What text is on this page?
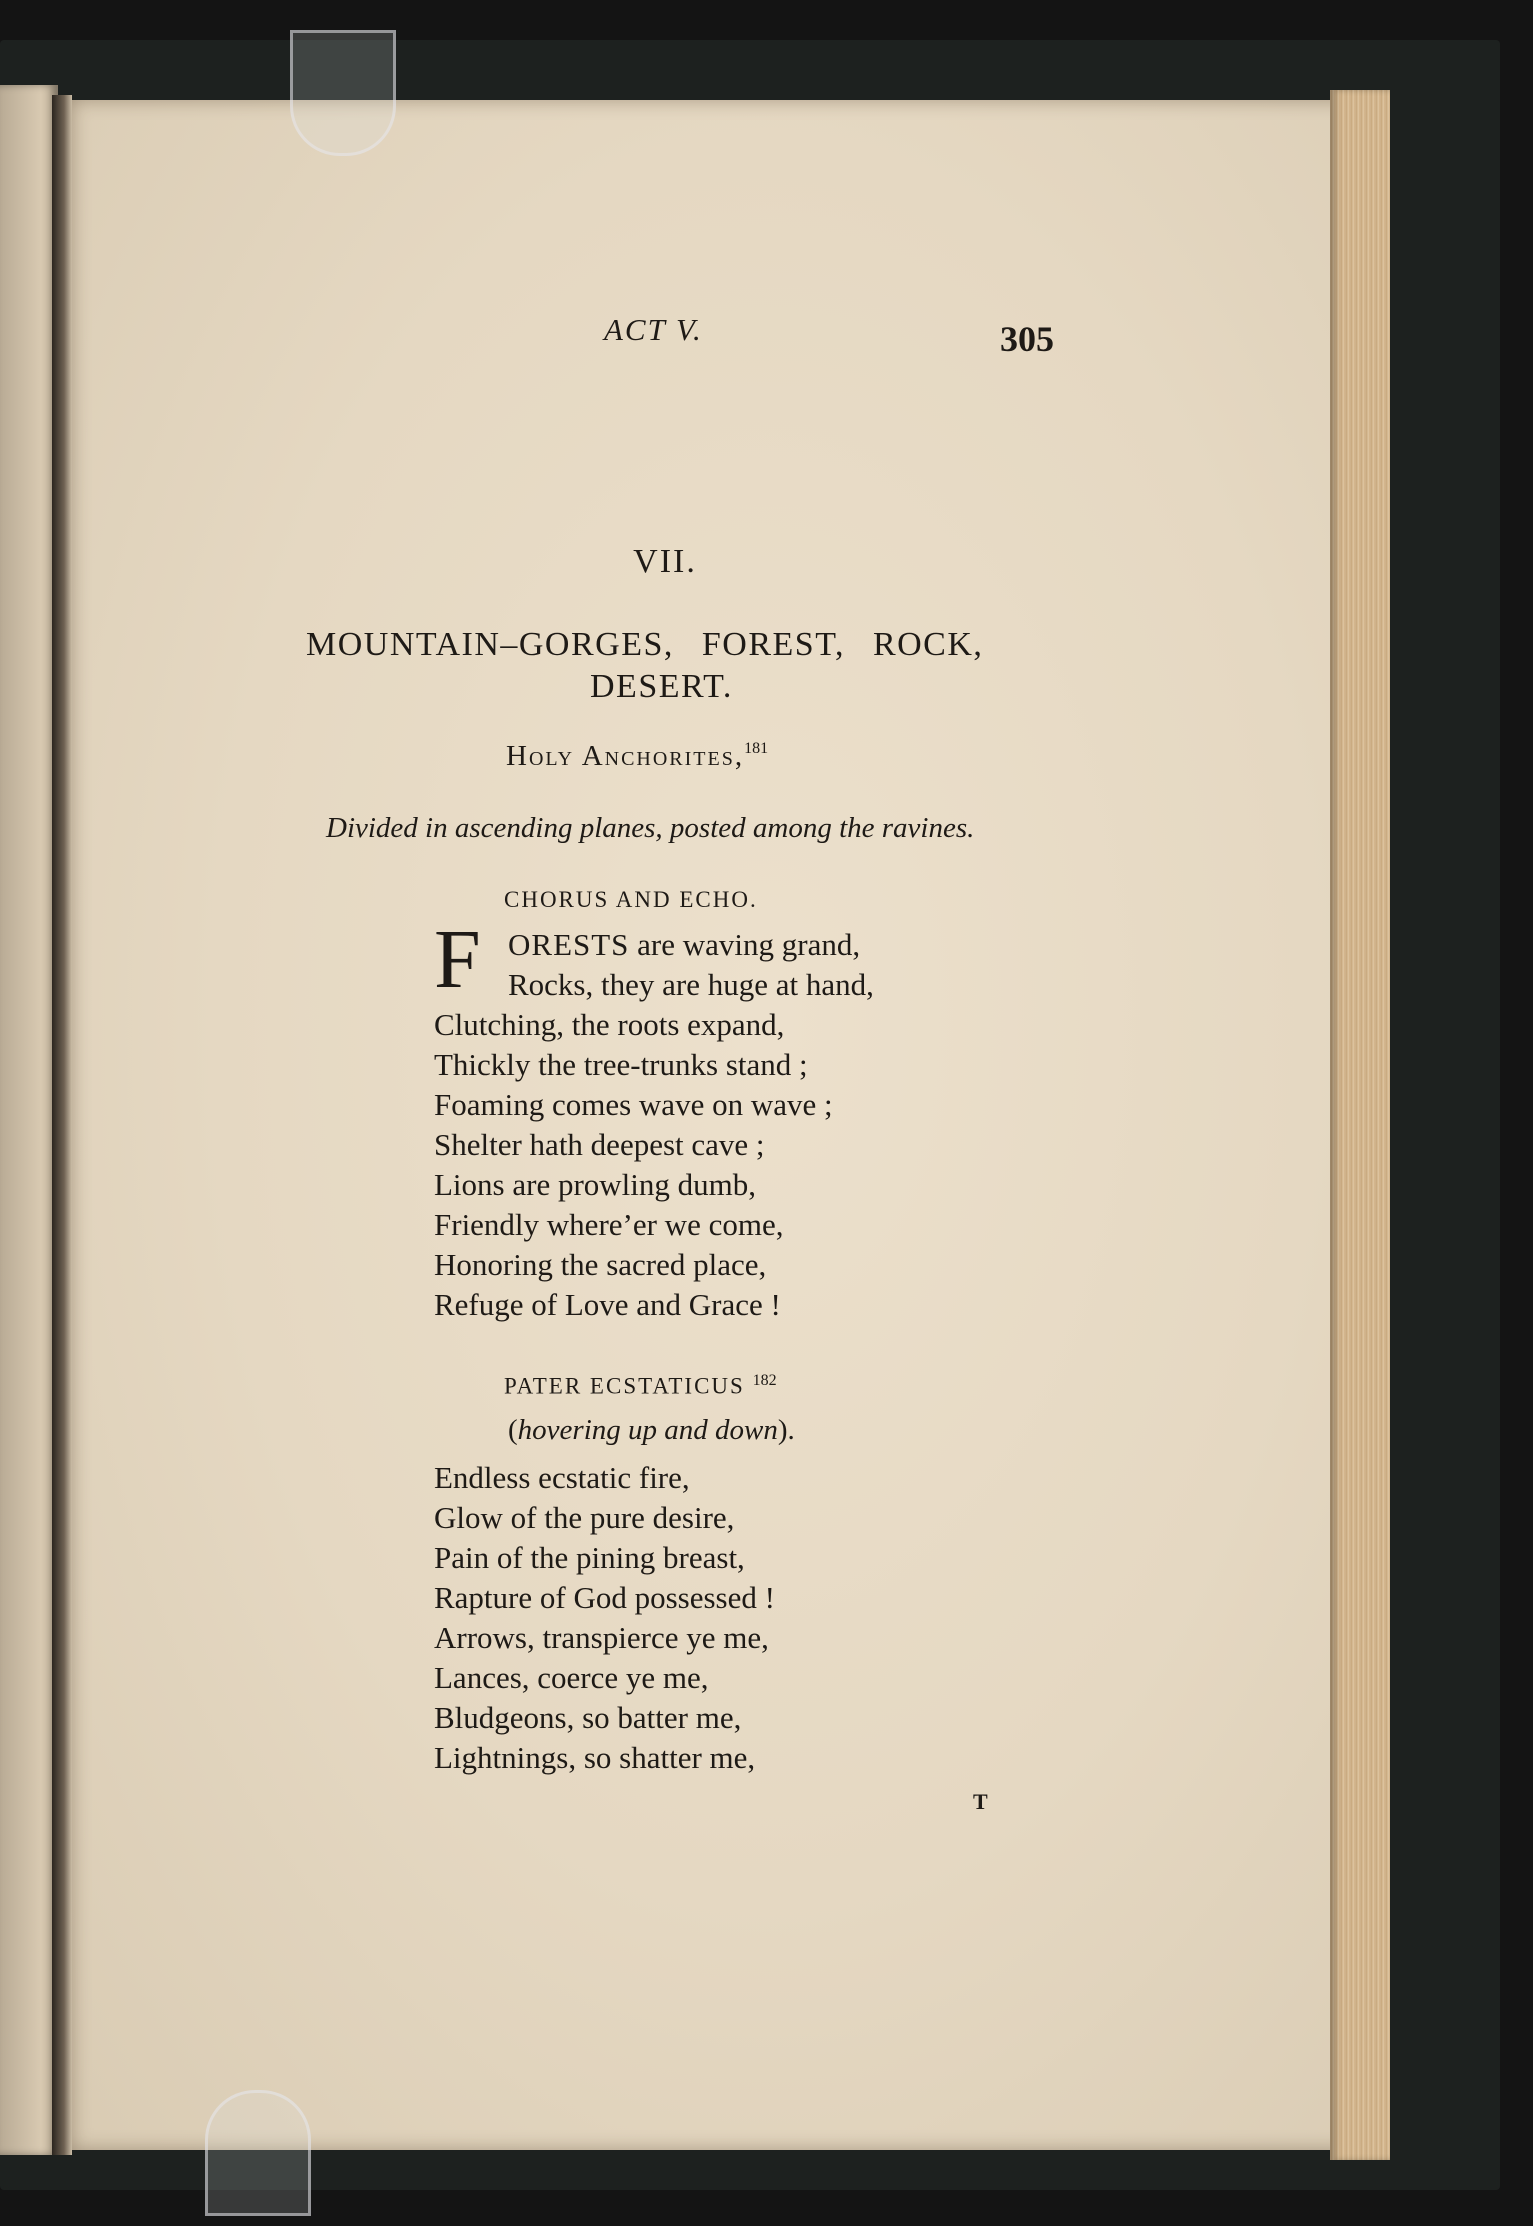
ACT V.	305
VII.
MOUNTAIN–GORGES, FOREST, ROCK,
DESERT.
Holy Anchorites,$^{181}$
Divided in ascending planes, posted among the ravines.
CHORUS AND ECHO.
F ORESTS are waving grand,
Rocks, they are huge at hand,
Clutching, the roots expand,
Thickly the tree-trunks stand ;
Foaming comes wave on wave ;
Shelter hath deepest cave ;
Lions are prowling dumb,
Friendly where’er we come,
Honoring the sacred place,
Refuge of Love and Grace !
PATER ECSTATICUS $^{182}$
(hovering up and down).
Endless ecstatic fire,
Glow of the pure desire,
Pain of the pining breast,
Rapture of God possessed !
Arrows, transpierce ye me,
Lances, coerce ye me,
Bludgeons, so batter me,
Lightnings, so shatter me,
T
